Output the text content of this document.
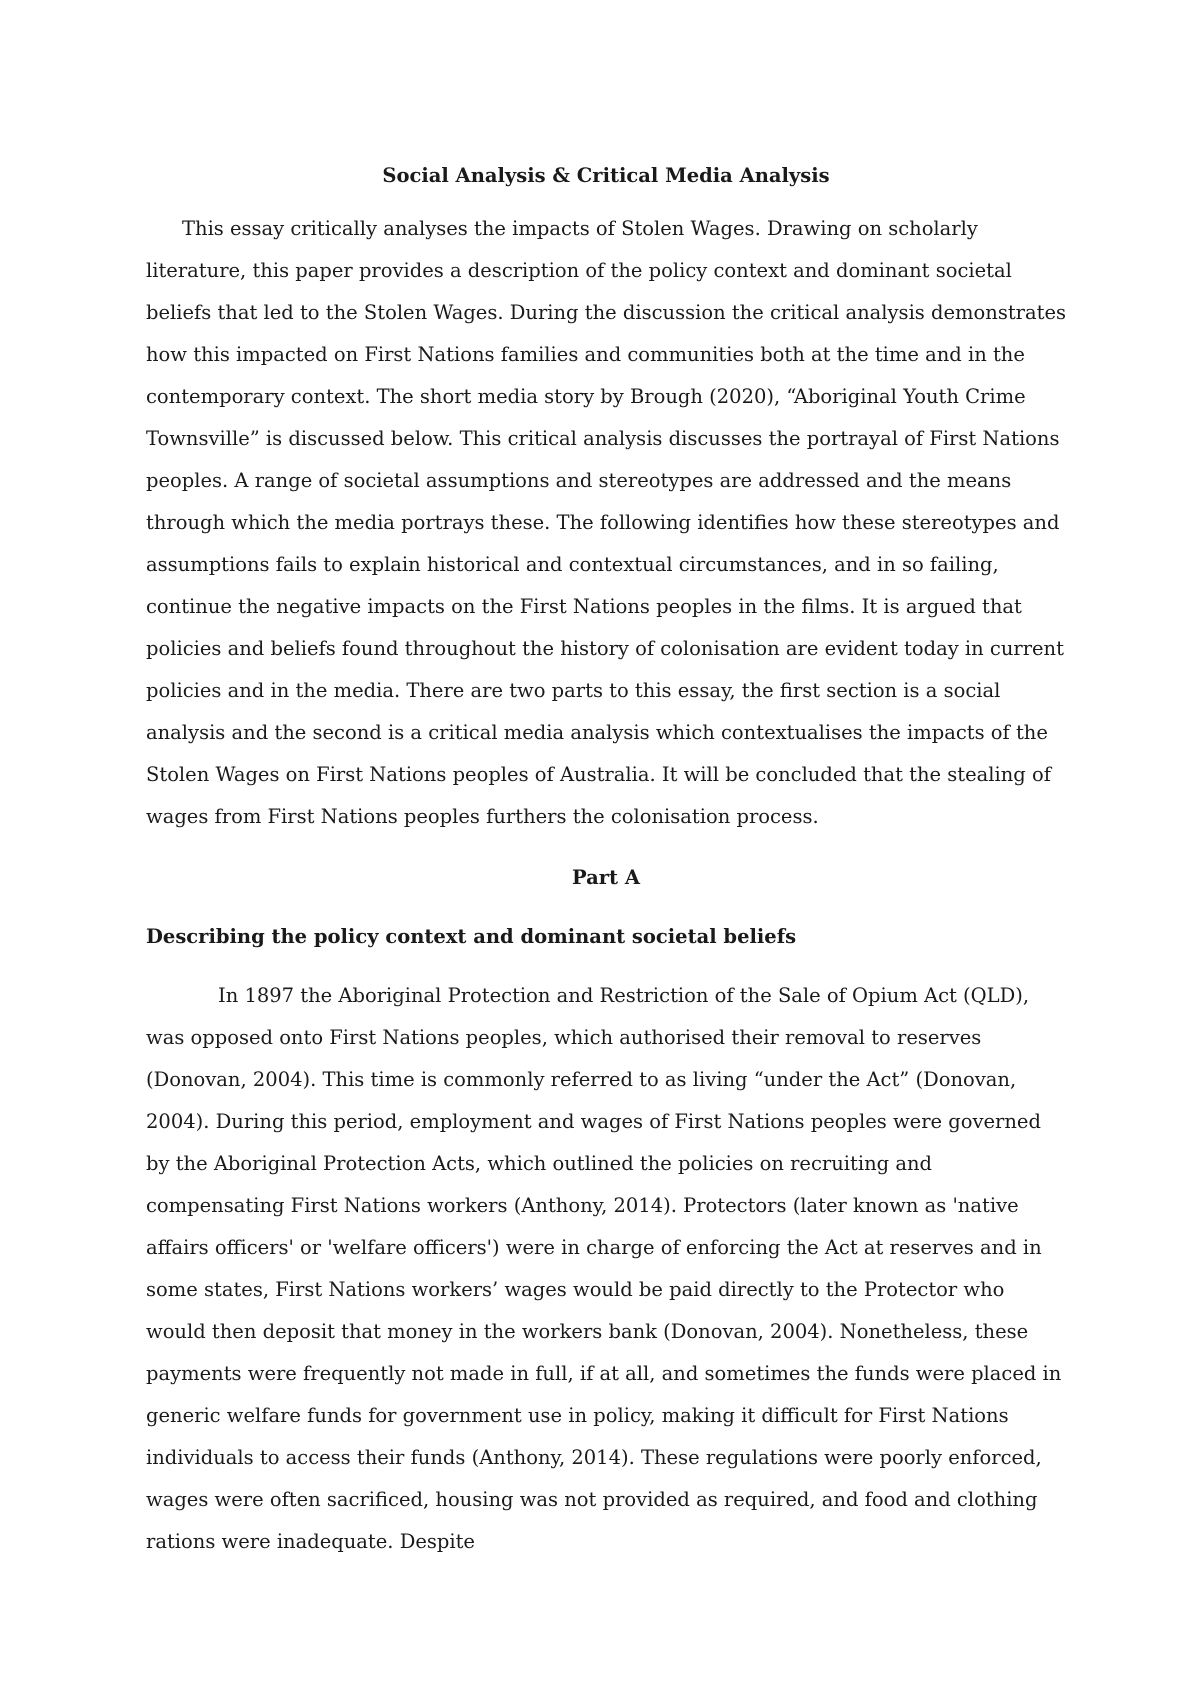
Social Analysis & Critical Media Analysis

This essay critically analyses the impacts of Stolen Wages. Drawing on scholarly literature, this paper provides a description of the policy context and dominant societal beliefs that led to the Stolen Wages. During the discussion the critical analysis demonstrates how this impacted on First Nations families and communities both at the time and in the contemporary context. The short media story by Brough (2020), “Aboriginal Youth Crime Townsville” is discussed below. This critical analysis discusses the portrayal of First Nations peoples. A range of societal assumptions and stereotypes are addressed and the means through which the media portrays these. The following identifies how these stereotypes and assumptions fails to explain historical and contextual circumstances, and in so failing, continue the negative impacts on the First Nations peoples in the films. It is argued that policies and beliefs found throughout the history of colonisation are evident today in current policies and in the media. There are two parts to this essay, the first section is a social analysis and the second is a critical media analysis which contextualises the impacts of the Stolen Wages on First Nations peoples of Australia. It will be concluded that the stealing of wages from First Nations peoples furthers the colonisation process.

Part A
Describing the policy context and dominant societal beliefs

In 1897 the Aboriginal Protection and Restriction of the Sale of Opium Act (QLD), was opposed onto First Nations peoples, which authorised their removal to reserves (Donovan, 2004). This time is commonly referred to as living “under the Act” (Donovan, 2004). During this period, employment and wages of First Nations peoples were governed by the Aboriginal Protection Acts, which outlined the policies on recruiting and compensating First Nations workers (Anthony, 2014). Protectors (later known as 'native affairs officers' or 'welfare officers') were in charge of enforcing the Act at reserves and in some states, First Nations workers’ wages would be paid directly to the Protector who would then deposit that money in the workers bank (Donovan, 2004). Nonetheless, these payments were frequently not made in full, if at all, and sometimes the funds were placed in generic welfare funds for government use in policy, making it difficult for First Nations individuals to access their funds (Anthony, 2014). These regulations were poorly enforced, wages were often sacrificed, housing was not provided as required, and food and clothing rations were inadequate. Despite
